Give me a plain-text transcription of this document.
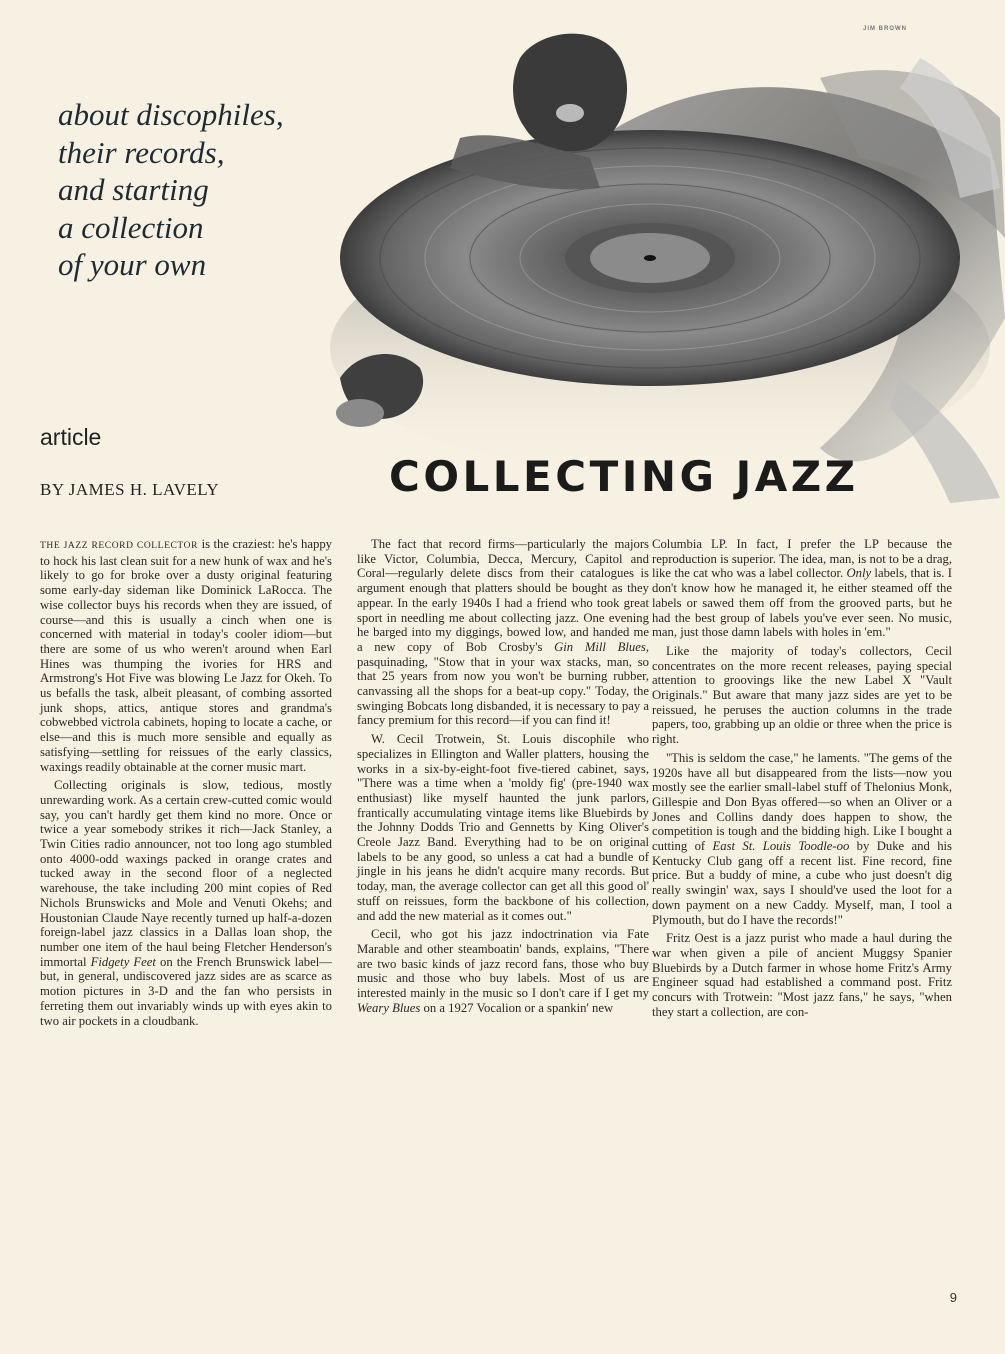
JIM BROWN
about discophiles,
their records,
and starting
a collection
of your own
article
BY JAMES H. LAVELY	COLLECTING JAZZ

THE JAZZ RECORD COLLECTOR is the craziest: he's happy to hock his last clean suit for a new hunk of wax and he's likely to go for broke over a dusty original featuring some early-day sideman like Dominick LaRocca. The wise collector buys his records when they are issued, of course—and this is usually a cinch when one is concerned with material in today's cooler idiom—but there are some of us who weren't around when Earl Hines was thumping the ivories for HRS and Armstrong's Hot Five was blowing Le Jazz for Okeh. To us befalls the task, albeit pleasant, of combing assorted junk shops, attics, antique stores and grandma's cobwebbed victrola cabinets, hoping to locate a cache, or else—and this is much more sensible and equally as satisfying—settling for reissues of the early classics, waxings readily obtainable at the corner music mart.

Collecting originals is slow, tedious, mostly unrewarding work. As a certain crew-cutted comic would say, you can't hardly get them kind no more. Once or twice a year somebody strikes it rich—Jack Stanley, a Twin Cities radio announcer, not too long ago stumbled onto 4000-odd waxings packed in orange crates and tucked away in the second floor of a neglected warehouse, the take including 200 mint copies of Red Nichols Brunswicks and Mole and Venuti Okehs; and Houstonian Claude Naye recently turned up half-a-dozen foreign-label jazz classics in a Dallas loan shop, the number one item of the haul being Fletcher Henderson's immortal Fidgety Feet on the French Brunswick label—but, in general, undiscovered jazz sides are as scarce as motion pictures in 3-D and the fan who persists in ferreting them out invariably winds up with eyes akin to two air pockets in a cloudbank.

The fact that record firms—particularly the majors like Victor, Columbia, Decca, Mercury, Capitol and Coral—regularly delete discs from their catalogues is argument enough that platters should be bought as they appear. In the early 1940s I had a friend who took great sport in needling me about collecting jazz. One evening he barged into my diggings, bowed low, and handed me a new copy of Bob Crosby's Gin Mill Blues, pasquinading, "Stow that in your wax stacks, man, so that 25 years from now you won't be burning rubber, canvassing all the shops for a beat-up copy." Today, the swinging Bobcats long disbanded, it is necessary to pay a fancy premium for this record—if you can find it!

W. Cecil Trotwein, St. Louis discophile who specializes in Ellington and Waller platters, housing the works in a six-by-eight-foot five-tiered cabinet, says, "There was a time when a 'moldy fig' (pre-1940 wax enthusiast) like myself haunted the junk parlors, frantically accumulating vintage items like Bluebirds by the Johnny Dodds Trio and Gennetts by King Oliver's Creole Jazz Band. Everything had to be on original labels to be any good, so unless a cat had a bundle of jingle in his jeans he didn't acquire many records. But today, man, the average collector can get all this good ol' stuff on reissues, form the backbone of his collection, and add the new material as it comes out."

Cecil, who got his jazz indoctrination via Fate Marable and other steamboatin' bands, explains, "There are two basic kinds of jazz record fans, those who buy music and those who buy labels. Most of us are interested mainly in the music so I don't care if I get my Weary Blues on a 1927 Vocalion or a spankin' new

Columbia LP. In fact, I prefer the LP because the reproduction is superior. The idea, man, is not to be a drag, like the cat who was a label collector. Only labels, that is. I don't know how he managed it, he either steamed off the labels or sawed them off from the grooved parts, but he had the best group of labels you've ever seen. No music, man, just those damn labels with holes in 'em."

Like the majority of today's collectors, Cecil concentrates on the more recent releases, paying special attention to groovings like the new Label X "Vault Originals." But aware that many jazz sides are yet to be reissued, he peruses the auction columns in the trade papers, too, grabbing up an oldie or three when the price is right.

"This is seldom the case," he laments. "The gems of the 1920s have all but disappeared from the lists—now you mostly see the earlier small-label stuff of Thelonius Monk, Gillespie and Don Byas offered—so when an Oliver or a Jones and Collins dandy does happen to show, the competition is tough and the bidding high. Like I bought a cutting of East St. Louis Toodle-oo by Duke and his Kentucky Club gang off a recent list. Fine record, fine price. But a buddy of mine, a cube who just doesn't dig really swingin' wax, says I should've used the loot for a down payment on a new Caddy. Myself, man, I tool a Plymouth, but do I have the records!"

Fritz Oest is a jazz purist who made a haul during the war when given a pile of ancient Muggsy Spanier Bluebirds by a Dutch farmer in whose home Fritz's Army Engineer squad had established a command post. Fritz concurs with Trotwein: "Most jazz fans," he says, "when they start a collection, are con-

9
